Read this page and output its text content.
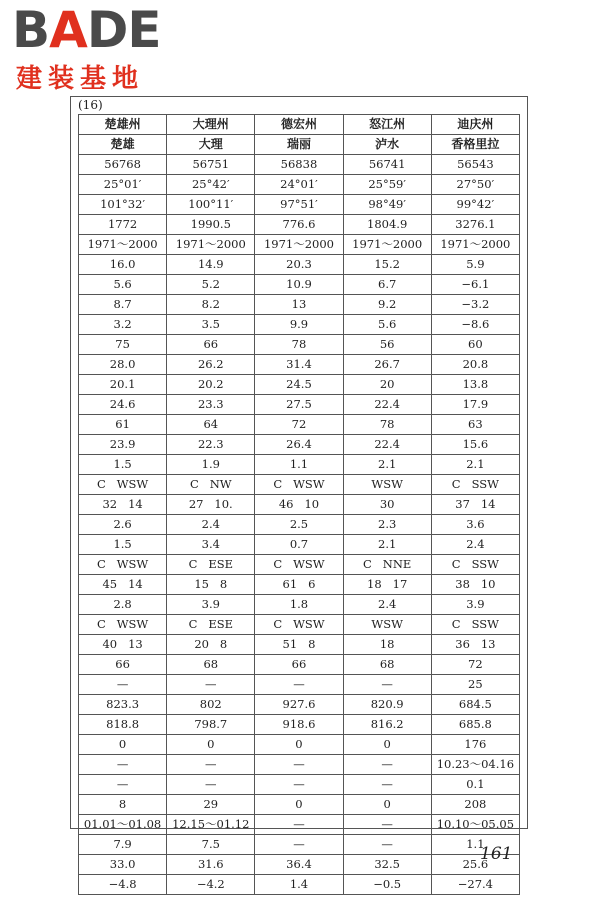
BADE
建装基地
(16)
楚雄州	大理州	德宏州	怒江州	迪庆州
楚雄	大理	瑞丽	泸水	香格里拉
56768	56751	56838	56741	56543
25°01′	25°42′	24°01′	25°59′	27°50′
101°32′	100°11′	97°51′	98°49′	99°42′
1772	1990.5	776.6	1804.9	3276.1
1971～2000	1971～2000	1971～2000	1971～2000	1971～2000
16.0	14.9	20.3	15.2	5.9
5.6	5.2	10.9	6.7	−6.1
8.7	8.2	13	9.2	−3.2
3.2	3.5	9.9	5.6	−8.6
75	66	78	56	60
28.0	26.2	31.4	26.7	20.8
20.1	20.2	24.5	20	13.8
24.6	23.3	27.5	22.4	17.9
61	64	72	78	63
23.9	22.3	26.4	22.4	15.6
1.5	1.9	1.1	2.1	2.1
C   WSW	C   NW	C   WSW	WSW	C   SSW
32   14	27   10.	46   10	30	37   14
2.6	2.4	2.5	2.3	3.6
1.5	3.4	0.7	2.1	2.4
C   WSW	C   ESE	C   WSW	C   NNE	C   SSW
45   14	15   8	61   6	18   17	38   10
2.8	3.9	1.8	2.4	3.9
C   WSW	C   ESE	C   WSW	WSW	C   SSW
40   13	20   8	51   8	18	36   13
66	68	66	68	72
—	—	—	—	25
823.3	802	927.6	820.9	684.5
818.8	798.7	918.6	816.2	685.8
0	0	0	0	176
—	—	—	—	10.23～04.16
—	—	—	—	0.1
8	29	0	0	208
01.01～01.08	12.15～01.12	—	—	10.10～05.05
7.9	7.5	—	—	1.1
33.0	31.6	36.4	32.5	25.6
−4.8	−4.2	1.4	−0.5	−27.4
161
